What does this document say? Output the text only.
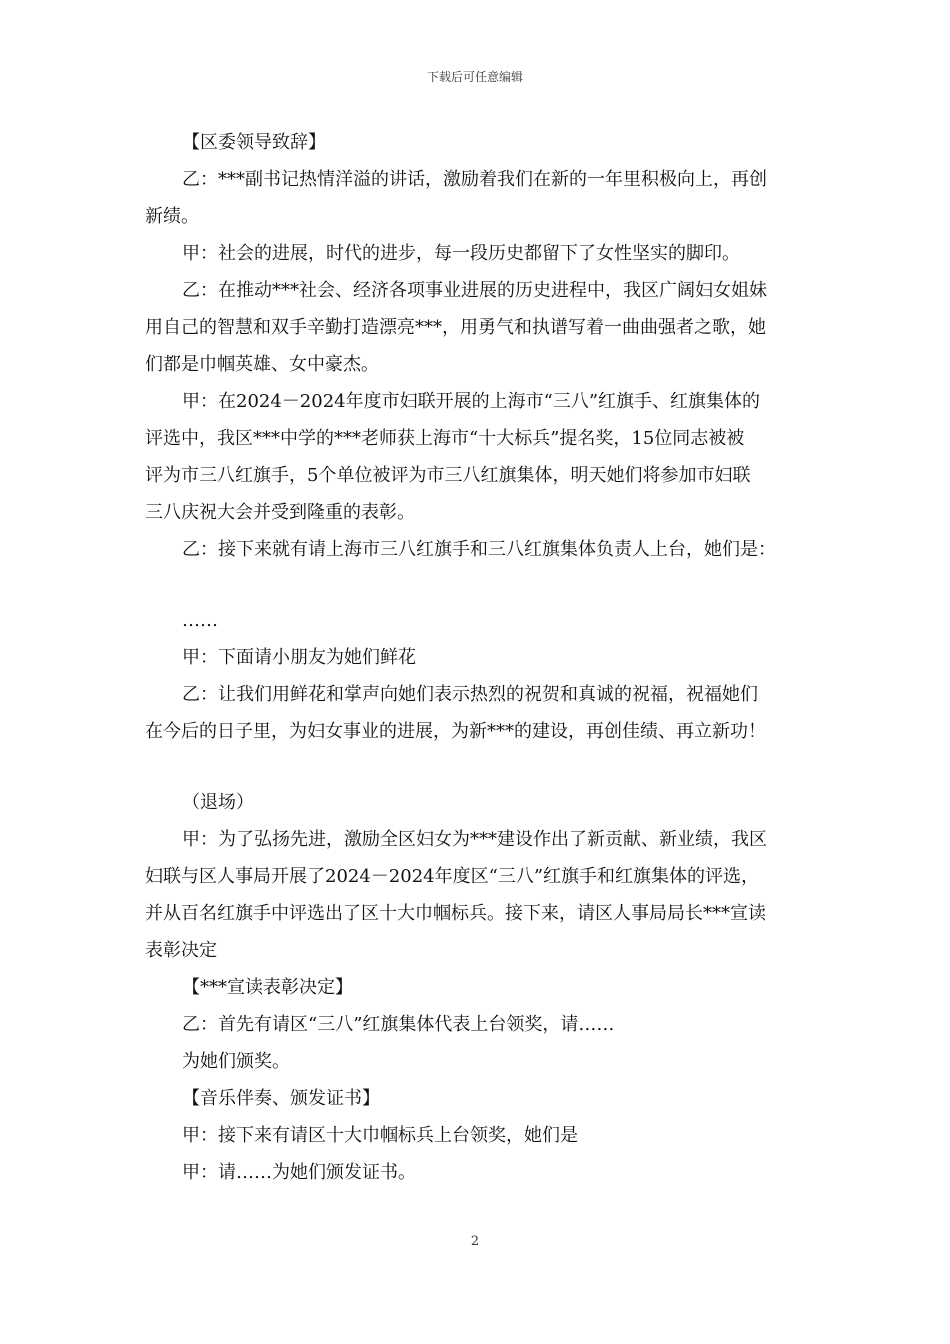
下载后可任意编辑
【区委领导致辞】
乙：***副书记热情洋溢的讲话，激励着我们在新的一年里积极向上，再创
新绩。
甲：社会的进展，时代的进步，每一段历史都留下了女性坚实的脚印。
乙：在推动***社会、经济各项事业进展的历史进程中，我区广阔妇女姐妹
用自己的智慧和双手辛勤打造漂亮***，用勇气和执谱写着一曲曲强者之歌，她
们都是巾帼英雄、女中豪杰。
甲：在2024－2024年度市妇联开展的上海市“三八”红旗手、红旗集体的
评选中，我区***中学的***老师获上海市“十大标兵”提名奖，15位同志被被
评为市三八红旗手，5个单位被评为市三八红旗集体，明天她们将参加市妇联
三八庆祝大会并受到隆重的表彰。
乙：接下来就有请上海市三八红旗手和三八红旗集体负责人上台，她们是：
……
甲：下面请小朋友为她们鲜花
乙：让我们用鲜花和掌声向她们表示热烈的祝贺和真诚的祝福，祝福她们
在今后的日子里，为妇女事业的进展，为新***的建设，再创佳绩、再立新功！
（退场）
甲：为了弘扬先进，激励全区妇女为***建设作出了新贡献、新业绩，我区
妇联与区人事局开展了2024－2024年度区“三八”红旗手和红旗集体的评选，
并从百名红旗手中评选出了区十大巾帼标兵。接下来，请区人事局局长***宣读
表彰决定
【***宣读表彰决定】
乙：首先有请区“三八”红旗集体代表上台领奖，请……
为她们颁奖。
【音乐伴奏、颁发证书】
甲：接下来有请区十大巾帼标兵上台领奖，她们是
甲：请……为她们颁发证书。
2
